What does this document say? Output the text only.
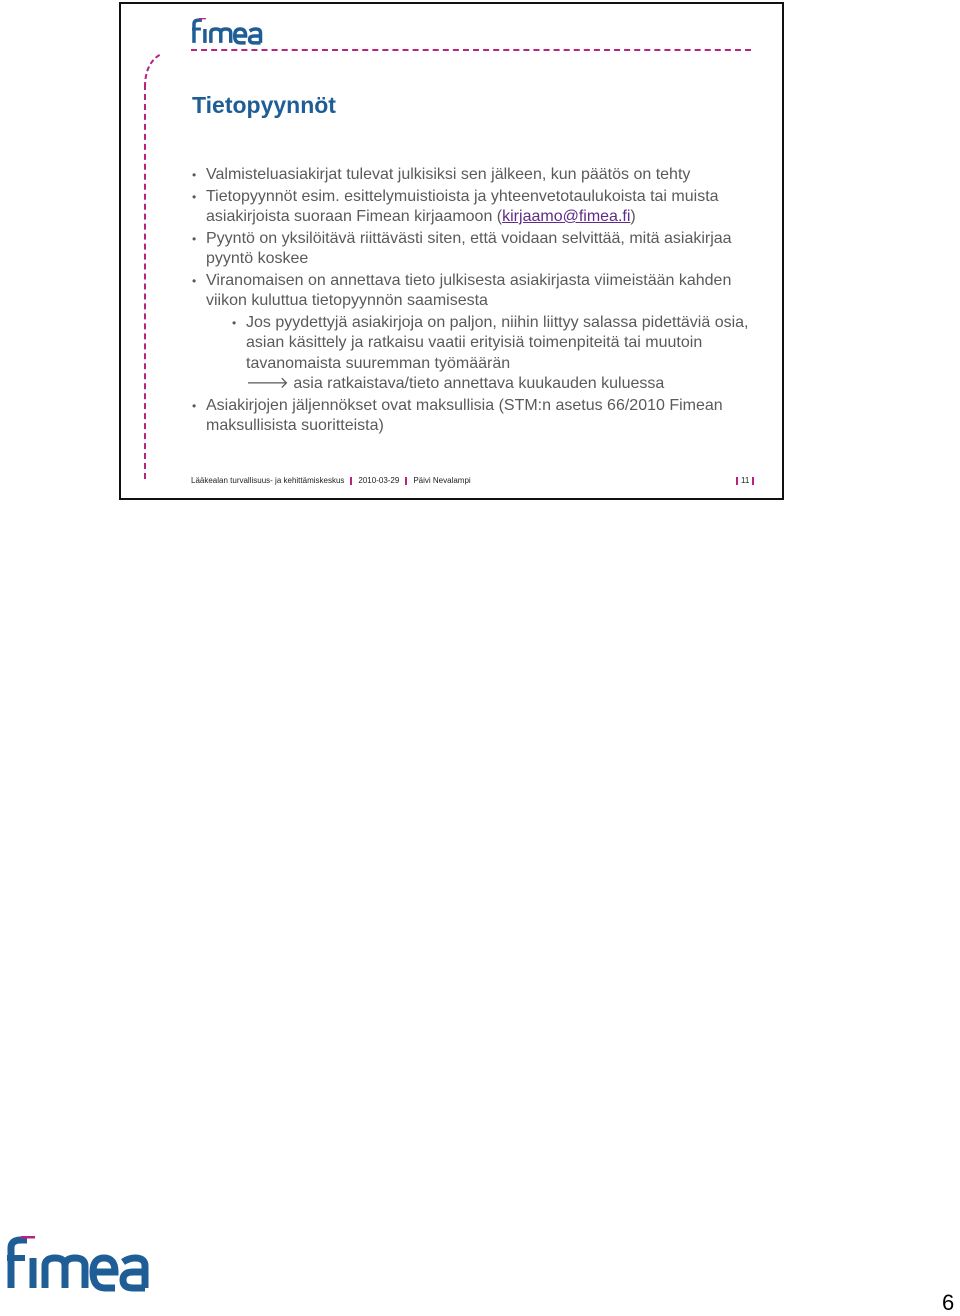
Tietopyynnöt
• Valmisteluasiakirjat tulevat julkisiksi sen jälkeen, kun päätös on tehty
• Tietopyynnöt esim. esittelymuistioista ja yhteenvetotaulukoista tai muista asiakirjoista suoraan Fimean kirjaamoon (kirjaamo@fimea.fi)
• Pyyntö on yksilöitävä riittävästi siten, että voidaan selvittää, mitä asiakirjaa pyyntö koskee
• Viranomaisen on annettava tieto julkisesta asiakirjasta viimeistään kahden viikon kuluttua tietopyynnön saamisesta
• Jos pyydettyjä asiakirjoja on paljon, niihin liittyy salassa pidettäviä osia, asian käsittely ja ratkaisu vaatii erityisiä toimenpiteitä tai muutoin tavanomaista suuremman työmäärän
🡒 asia ratkaistava/tieto annettava kuukauden kuluessa
• Asiakirjojen jäljennökset ovat maksullisia (STM:n asetus 66/2010 Fimean maksullisista suoritteista)
Lääkealan turvallisuus- ja kehittämiskeskus 2010-03-29 Päivi Nevalampi	11
6
